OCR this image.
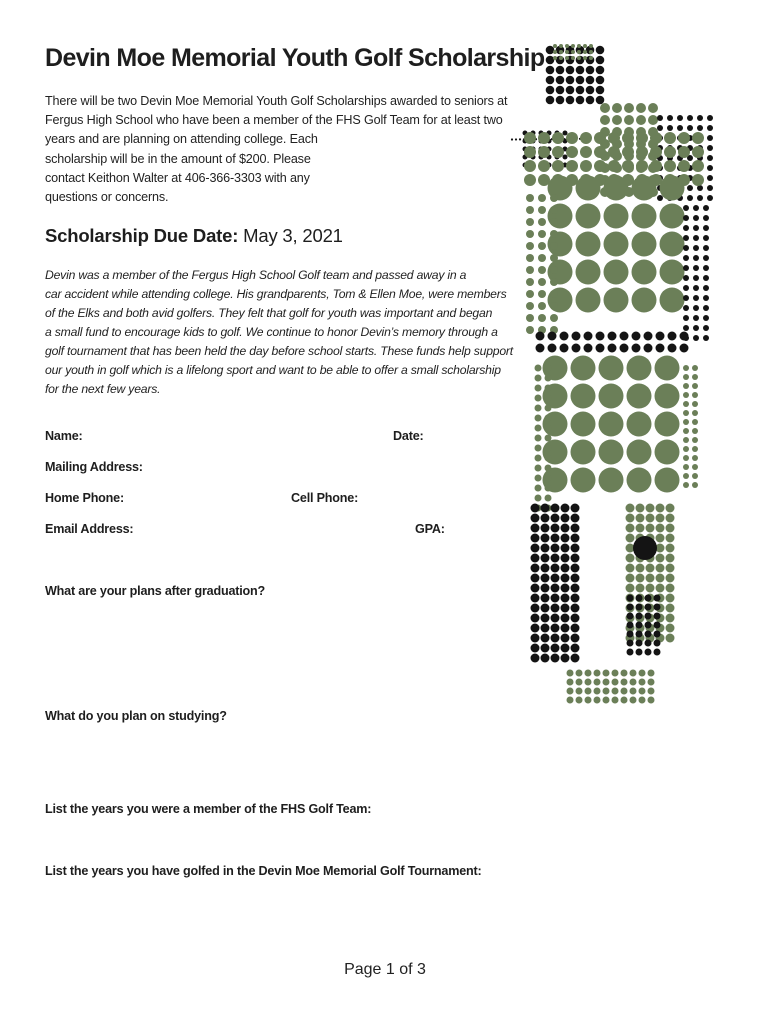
Devin Moe Memorial Youth Golf Scholarship
There will be two Devin Moe Memorial Youth Golf Scholarships awarded to seniors at
Fergus High School who have been a member of the FHS Golf Team for at least two
years and are planning on attending college. Each
scholarship will be in the amount of $200. Please
contact Keithon Walter at 406-366-3303 with any
questions or concerns.
Scholarship Due Date: May 3, 2021
Devin was a member of the Fergus High School Golf team and passed away in a
car accident while attending college. His grandparents, Tom & Ellen Moe, were members
of the Elks and both avid golfers. They felt that golf for youth was important and began
a small fund to encourage kids to golf. We continue to honor Devin’s memory through a
golf tournament that has been held the day before school starts. These funds help support
our youth in golf which is a lifelong sport and want to be able to offer a small scholarship
for the next few years.
Name:	Date:
Mailing Address:
Home Phone:	Cell Phone:
Email Address:	GPA:
What are your plans after graduation?
What do you plan on studying?
List the years you were a member of the FHS Golf Team:
List the years you have golfed in the Devin Moe Memorial Golf Tournament:
Page 1 of 3
